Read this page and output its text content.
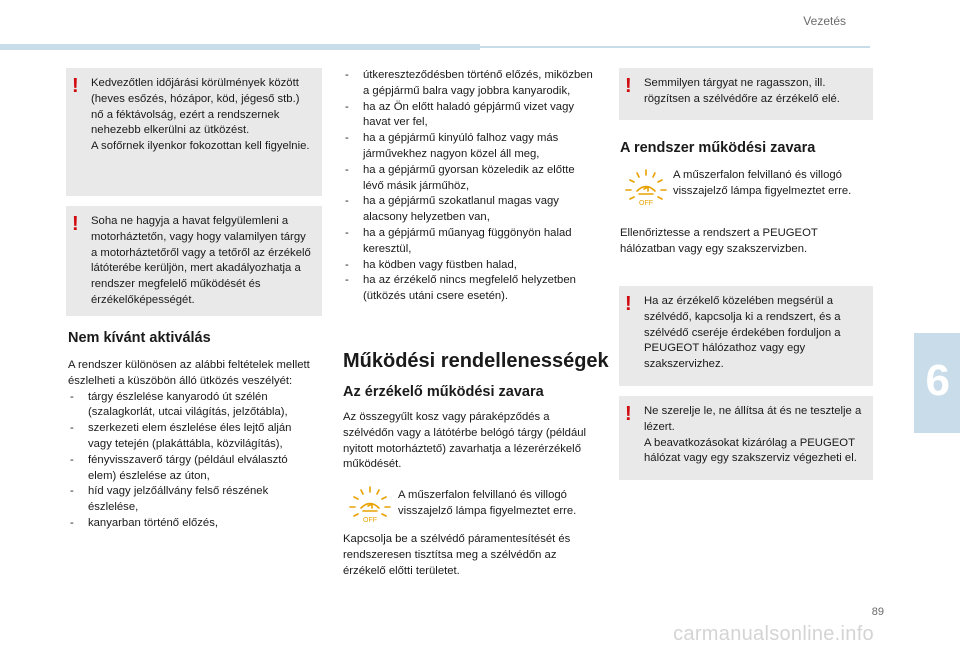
Vezetés
! Kedvezőtlen időjárási körülmények között (heves esőzés, hózápor, köd, jégeső stb.) nő a féktávolság, ezért a rendszernek nehezebb elkerülni az ütközést.
A sofőrnek ilyenkor fokozottan kell figyelnie.
! Soha ne hagyja a havat felgyülemleni a motorháztetőn, vagy hogy valamilyen tárgy a motorháztetőről vagy a tetőről az érzékelő látóterébe kerüljön, mert akadályozhatja a rendszer megfelelő működését és érzékelőképességét.
Nem kívánt aktiválás
A rendszer különösen az alábbi feltételek mellett észlelheti a küszöbön álló ütközés veszélyét:
- tárgy észlelése kanyarodó út szélén (szalagkorlát, utcai világítás, jelzőtábla),
- szerkezeti elem észlelése éles lejtő alján vagy tetején (plakáttábla, közvilágítás),
- fényvisszaverő tárgy (például elválasztó elem) észlelése az úton,
- híd vagy jelzőállvány felső részének észlelése,
- kanyarban történő előzés,
- útkereszteződésben történő előzés, miközben a gépjármű balra vagy jobbra kanyarodik,
- ha az Ön előtt haladó gépjármű vizet vagy havat ver fel,
- ha a gépjármű kinyúló falhoz vagy más járművekhez nagyon közel áll meg,
- ha a gépjármű gyorsan közeledik az előtte lévő másik járműhöz,
- ha a gépjármű szokatlanul magas vagy alacsony helyzetben van,
- ha a gépjármű műanyag függönyön halad keresztül,
- ha ködben vagy füstben halad,
- ha az érzékelő nincs megfelelő helyzetben (ütközés utáni csere esetén).
Működési rendellenességek
Az érzékelő működési zavara
Az összegyűlt kosz vagy páraképződés a szélvédőn vagy a látótérbe belógó tárgy (például nyitott motorháztető) zavarhatja a lézerérzékelő működését.
OFF
A műszerfalon felvillanó és villogó visszajelző lámpa figyelmeztet erre.
Kapcsolja be a szélvédő páramentesítését és rendszeresen tisztítsa meg a szélvédőn az érzékelő előtti területet.
! Semmilyen tárgyat ne ragasszon, ill. rögzítsen a szélvédőre az érzékelő elé.
A rendszer működési zavara
OFF
A műszerfalon felvillanó és villogó visszajelző lámpa figyelmeztet erre.
Ellenőriztesse a rendszert a PEUGEOT hálózatban vagy egy szakszervizben.
! Ha az érzékelő közelében megsérül a szélvédő, kapcsolja ki a rendszert, és a szélvédő cseréje érdekében forduljon a PEUGEOT hálózathoz vagy egy szakszervizhez.
! Ne szerelje le, ne állítsa át és ne tesztelje a lézert.
A beavatkozásokat kizárólag a PEUGEOT hálózat vagy egy szakszerviz végezheti el.
6
89
carmanualsonline.info
